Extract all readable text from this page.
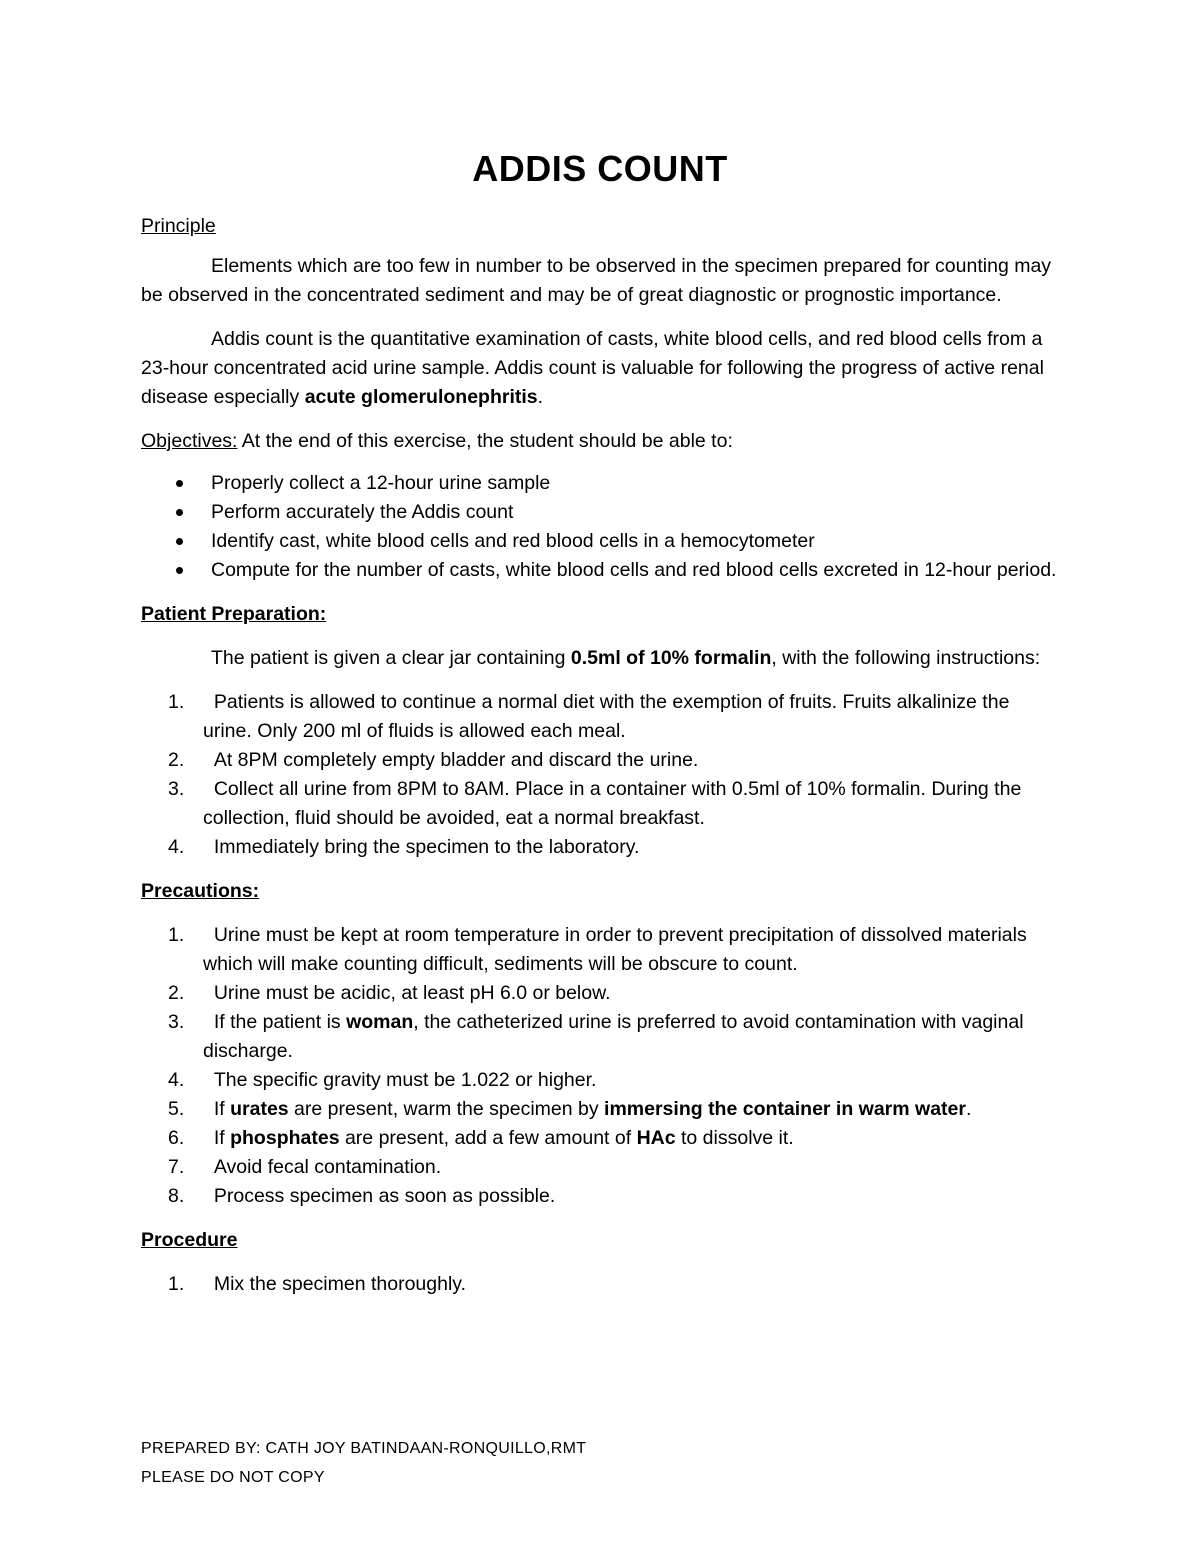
ADDIS COUNT
Principle

Elements which are too few in number to be observed in the specimen prepared for counting may be observed in the concentrated sediment and may be of great diagnostic or prognostic importance.

Addis count is the quantitative examination of casts, white blood cells, and red blood cells from a 23-hour concentrated acid urine sample. Addis count is valuable for following the progress of active renal disease especially acute glomerulonephritis.

Objectives: At the end of this exercise, the student should be able to:

Properly collect a 12-hour urine sample
Perform accurately the Addis count
Identify cast, white blood cells and red blood cells in a hemocytometer
Compute for the number of casts, white blood cells and red blood cells excreted in 12-hour period.
Patient Preparation:

The patient is given a clear jar containing 0.5ml of 10% formalin, with the following instructions:

1. Patients is allowed to continue a normal diet with the exemption of fruits. Fruits alkalinize the urine. Only 200 ml of fluids is allowed each meal.
2. At 8PM completely empty bladder and discard the urine.
3. Collect all urine from 8PM to 8AM. Place in a container with 0.5ml of 10% formalin. During the collection, fluid should be avoided, eat a normal breakfast.
4. Immediately bring the specimen to the laboratory.
Precautions:
1. Urine must be kept at room temperature in order to prevent precipitation of dissolved materials which will make counting difficult, sediments will be obscure to count.
2. Urine must be acidic, at least pH 6.0 or below.
3. If the patient is woman, the catheterized urine is preferred to avoid contamination with vaginal discharge.
4. The specific gravity must be 1.022 or higher.
5. If urates are present, warm the specimen by immersing the container in warm water.
6. If phosphates are present, add a few amount of HAc to dissolve it.
7. Avoid fecal contamination.
8. Process specimen as soon as possible.
Procedure
1. Mix the specimen thoroughly.
PREPARED BY: CATH JOY BATINDAAN-RONQUILLO,RMT
PLEASE DO NOT COPY
